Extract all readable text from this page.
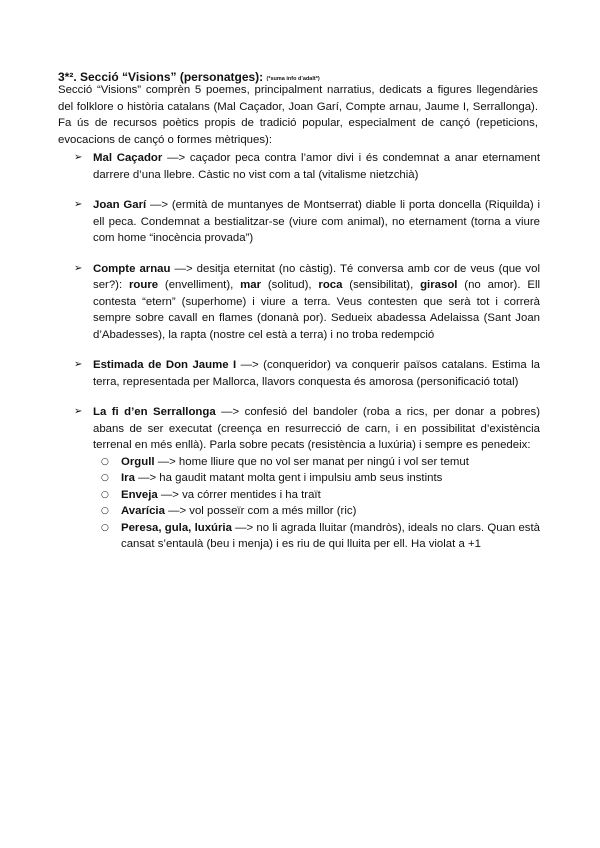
3*². Secció “Visions” (personatges): (*suma info d’adalt*)
Secció “Visions” comprèn 5 poemes, principalment narratius, dedicats a figures llegendàries del folklore o història catalans (Mal Caçador, Joan Garí, Compte arnau, Jaume I, Serrallonga). Fa ús de recursos poètics propis de tradició popular, especialment de cançó (repeticions, evocacions de cançó o formes mètriques):
➢ Mal Caçador —> caçador peca contra l’amor divi i és condemnat a anar eternament darrere d’una llebre. Càstic no vist com a tal (vitalisme nietzchià)
➢ Joan Garí —> (ermità de muntanyes de Montserrat) diable li porta doncella (Riquilda) i ell peca. Condemnat a bestialitzar-se (viure com animal), no eternament (torna a viure com home “inocència provada”)
➢ Compte arnau —> desitja eternitat (no càstig). Té conversa amb cor de veus (que vol ser?): roure (envelliment), mar (solitud), roca (sensibilitat), girasol (no amor). Ell contesta “etern” (superhome) i viure a terra. Veus contesten que serà tot i correrà sempre sobre cavall en flames (donanà por). Sedueix abadessa Adelaissa (Sant Joan d’Abadesses), la rapta (nostre cel està a terra) i no troba redempció
➢ Estimada de Don Jaume I —> (conqueridor) va conquerir països catalans. Estima la terra, representada per Mallorca, llavors conquesta és amorosa (personificació total)
➢ La fi d’en Serrallonga —> confesió del bandoler (roba a rics, per donar a pobres) abans de ser executat (creença en resurrecció de carn, i en possibilitat d’existència terrenal en més enllà). Parla sobre pecats (resistència a luxúria) i sempre es penedeix:
○ Orgull —> home lliure que no vol ser manat per ningú i vol ser temut
○ Ira —> ha gaudit matant molta gent i impulsiu amb seus instints
○ Enveja —> va córrer mentides i ha traït
○ Avarícia —> vol posseïr com a més millor (ric)
○ Peresa, gula, luxúria —> no li agrada lluitar (mandròs), ideals no clars. Quan està cansat s’entaulà (beu i menja) i es riu de qui lluita per ell. Ha violat a +1
